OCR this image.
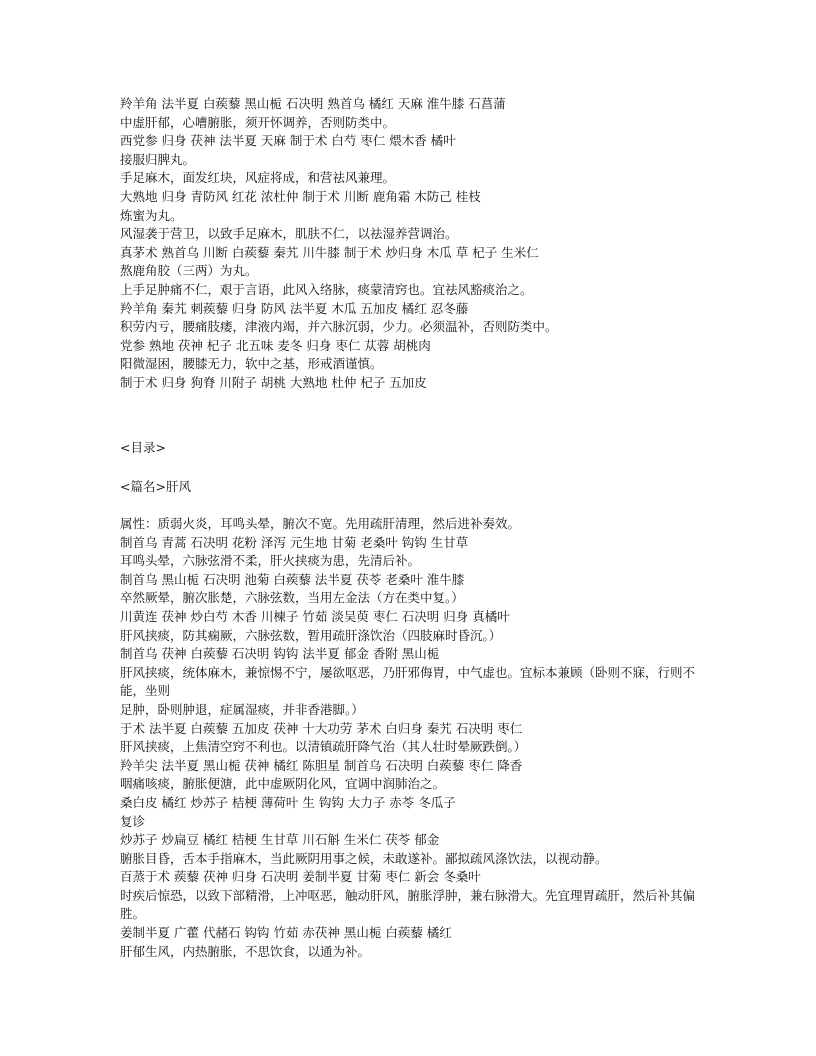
羚羊角 法半夏 白蒺藜 黑山栀 石决明 熟首乌 橘红 天麻 淮牛膝 石菖蒲
中虚肝郁，心嘈腑胀，须开怀调养，否则防类中。
西党参 归身 茯神 法半夏 天麻 制于术 白芍 枣仁 煨木香 橘叶
接服归脾丸。
手足麻木，面发红块，风症将成，和营祛风兼理。
大熟地 归身 青防风 红花 浓杜仲 制于术 川断 鹿角霜 木防己 桂枝
炼蜜为丸。
风湿袭于营卫，以致手足麻木，肌肤不仁，以祛湿养营调治。
真茅术 熟首乌 川断 白蒺藜 秦艽 川牛膝 制于术 炒归身 木瓜 草 杞子 生米仁
熬鹿角胶（三两）为丸。
上手足肿痛不仁，艰于言语，此风入络脉，痰蒙清窍也。宜祛风豁痰治之。
羚羊角 秦艽 刺蒺藜 归身 防风 法半夏 木瓜 五加皮 橘红 忍冬藤
积劳内亏，腰痛肢痿，津液内竭，并六脉沉弱，少力。必须温补，否则防类中。
党参 熟地 茯神 杞子 北五味 麦冬 归身 枣仁 苁蓉 胡桃肉
阳微湿困，腰膝无力，软中之基，形戒酒谨慎。
制于术 归身 狗脊 川附子 胡桃 大熟地 杜仲 杞子 五加皮
<目录>
<篇名>肝风
属性：质弱火炎，耳鸣头晕，腑次不宽。先用疏肝清理，然后进补奏效。
制首乌 青蒿 石决明 花粉 泽泻 元生地 甘菊 老桑叶 钩钩 生甘草
耳鸣头晕，六脉弦滑不柔，肝火挟痰为患，先清后补。
制首乌 黑山栀 石决明 池菊 白蒺藜 法半夏 茯苓 老桑叶 淮牛膝
卒然厥晕，腑次胀楚，六脉弦数，当用左金法（方在类中复。）
川黄连 茯神 炒白芍 木香 川楝子 竹茹 淡吴萸 枣仁 石决明 归身 真橘叶
肝风挟痰，防其痫厥，六脉弦数，暂用疏肝涤饮治（四肢麻时昏沉。）
制首乌 茯神 白蒺藜 石决明 钩钩 法半夏 郁金 香附 黑山栀
肝风挟痰，统体麻木，兼惊惕不宁，屡欲呕恶，乃肝邪侮胃，中气虚也。宜标本兼顾（卧则不寐，行则不能，坐则
足肿，卧则肿退，症属湿痰，并非香港脚。）
于术 法半夏 白蒺藜 五加皮 茯神 十大功劳 茅术 白归身 秦艽 石决明 枣仁
肝风挟痰，上焦清空窍不利也。以清镇疏肝降气治（其人壮时晕厥跌倒。）
羚羊尖 法半夏 黑山栀 茯神 橘红 陈胆星 制首乌 石决明 白蒺藜 枣仁 降香
咽痛咳痰，腑胀便溏，此中虚厥阴化风，宜调中润肺治之。
桑白皮 橘红 炒苏子 桔梗 薄荷叶 生 钩钩 大力子 赤苓 冬瓜子
复诊
炒苏子 炒扁豆 橘红 桔梗 生甘草 川石斛 生米仁 茯苓 郁金
腑胀目昏，舌本手指麻木，当此厥阴用事之候，未敢遂补。鄙拟疏风涤饮法，以视动静。
百蒸于术 蒺藜 茯神 归身 石决明 姜制半夏 甘菊 枣仁 新会 冬桑叶
时疾后惊恐，以致下部精滑，上冲呕恶，触动肝风，腑胀浮肿，兼右脉滑大。先宜理胃疏肝，然后补其偏胜。
姜制半夏 广藿 代赭石 钩钩 竹茹 赤茯神 黑山栀 白蒺藜 橘红
肝郁生风，内热腑胀，不思饮食，以通为补。
